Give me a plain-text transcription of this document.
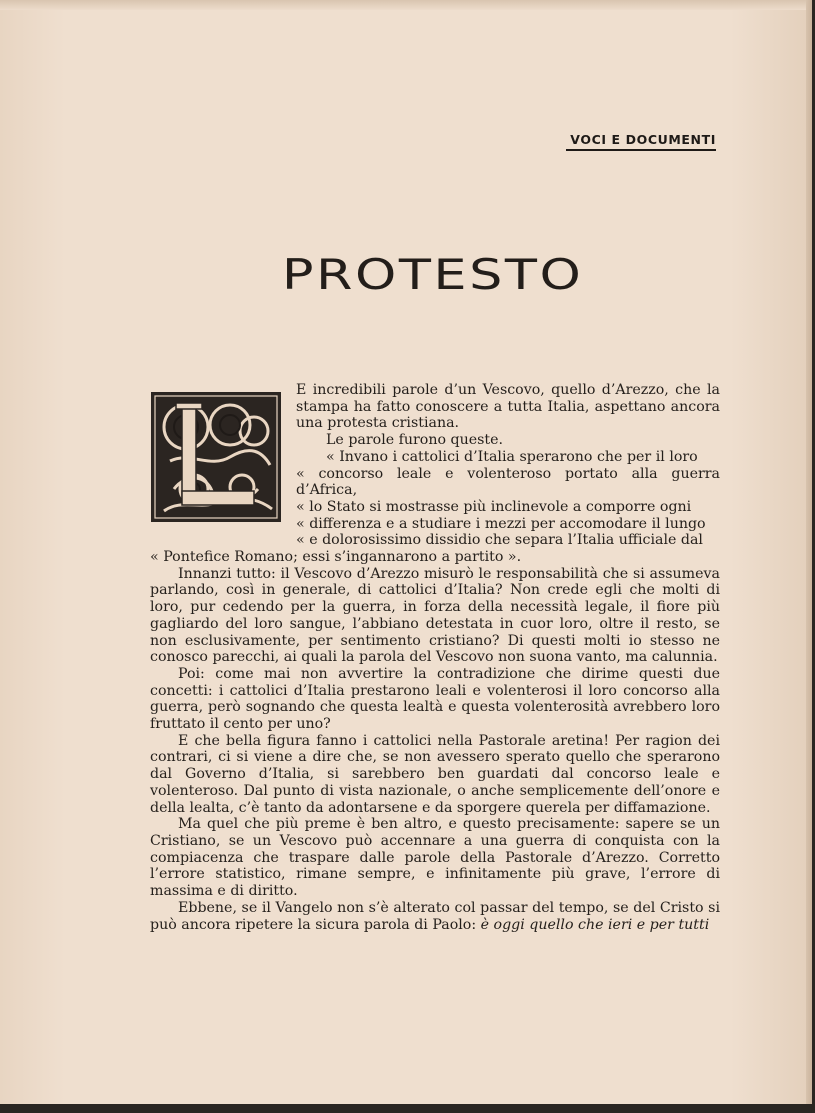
VOCI E DOCUMENTI
PROTESTO

E incredibili parole d’un Vescovo, quello d’Arezzo, che la stampa ha fatto conoscere a tutta Italia, aspettano ancora una protesta cristiana.

Le parole furono queste.

« Invano i cattolici d’Italia sperarono che per il loro

« concorso leale e volenteroso portato alla guerra d’Africa,

« lo Stato si mostrasse più inclinevole a comporre ogni

« differenza e a studiare i mezzi per accomodare il lungo

« e dolorosissimo dissidio che separa l’Italia ufficiale dal

« Pontefice Romano; essi s’ingannarono a partito ».

Innanzi tutto: il Vescovo d’Arezzo misurò le responsabilità che si assumeva parlando, così in generale, di cattolici d’Italia? Non crede egli che molti di loro, pur cedendo per la guerra, in forza della necessità legale, il fiore più gagliardo del loro sangue, l’abbiano detestata in cuor loro, oltre il resto, se non esclusivamente, per sentimento cristiano? Di questi molti io stesso ne conosco parecchi, ai quali la parola del Vescovo non suona vanto, ma calunnia.

Poi: come mai non avvertire la contradizione che dirime questi due concetti: i cattolici d’Italia prestarono leali e volenterosi il loro concorso alla guerra, però sognando che questa lealtà e questa volenterosità avrebbero loro fruttato il cento per uno?

E che bella figura fanno i cattolici nella Pastorale aretina! Per ragion dei contrari, ci si viene a dire che, se non avessero sperato quello che sperarono dal Governo d’Italia, si sarebbero ben guardati dal concorso leale e volenteroso. Dal punto di vista nazionale, o anche semplicemente dell’onore e della lealta, c’è tanto da adontarsene e da sporgere querela per diffamazione.

Ma quel che più preme è ben altro, e questo precisamente: sapere se un Cristiano, se un Vescovo può accennare a una guerra di conquista con la compiacenza che traspare dalle parole della Pastorale d’Arezzo. Corretto l’errore statistico, rimane sempre, e infinitamente più grave, l’errore di massima e di diritto.

Ebbene, se il Vangelo non s’è alterato col passar del tempo, se del Cristo si può ancora ripetere la sicura parola di Paolo: è oggi quello che ieri e per tutti
